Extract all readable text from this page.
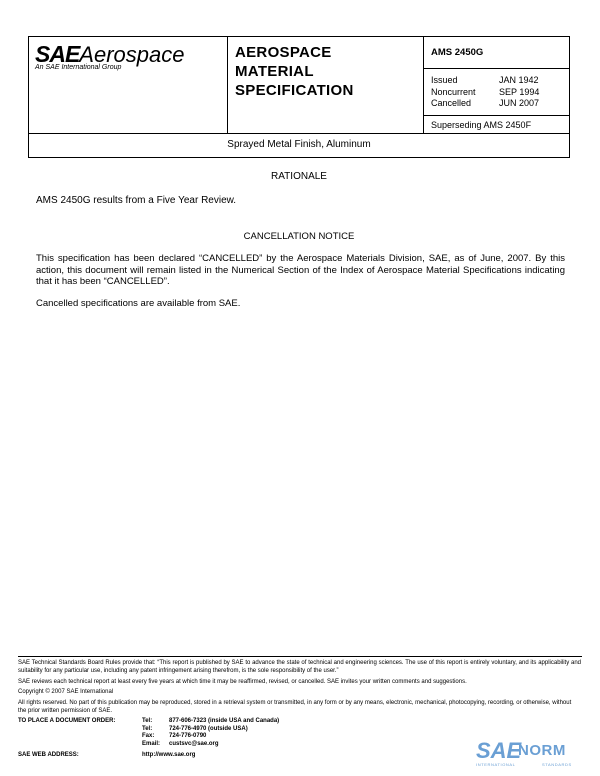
SAEAerospace
An SAE International Group
AEROSPACE
MATERIAL
SPECIFICATION
AMS 2450G
Issued	JAN 1942
Noncurrent	SEP 1994
Cancelled	JUN 2007
Superseding AMS 2450F
Sprayed Metal Finish, Aluminum
RATIONALE
AMS 2450G results from a Five Year Review.
CANCELLATION NOTICE
This specification has been declared “CANCELLED” by the Aerospace Materials Division, SAE, as of June, 2007. By this action, this document will remain listed in the Numerical Section of the Index of Aerospace Material Specifications indicating that it has been “CANCELLED”.
Cancelled specifications are available from SAE.
SAE Technical Standards Board Rules provide that: “This report is published by SAE to advance the state of technical and engineering sciences. The use of this report is entirely voluntary, and its applicability and suitability for any particular use, including any patent infringement arising therefrom, is the sole responsibility of the user.”
SAE reviews each technical report at least every five years at which time it may be reaffirmed, revised, or cancelled. SAE invites your written comments and suggestions.
Copyright © 2007 SAE International
All rights reserved. No part of this publication may be reproduced, stored in a retrieval system or transmitted, in any form or by any means, electronic, mechanical, photocopying, recording, or otherwise, without the prior written permission of SAE.
TO PLACE A DOCUMENT ORDER:	Tel:	877-606-7323 (inside USA and Canada)
Tel:	724-776-4970 (outside USA)
Fax:	724-776-0790
Email:	custsvc@sae.org
SAE WEB ADDRESS:	http://www.sae.org	SAE
NORM
INTERNATIONAL	STANDARDS
